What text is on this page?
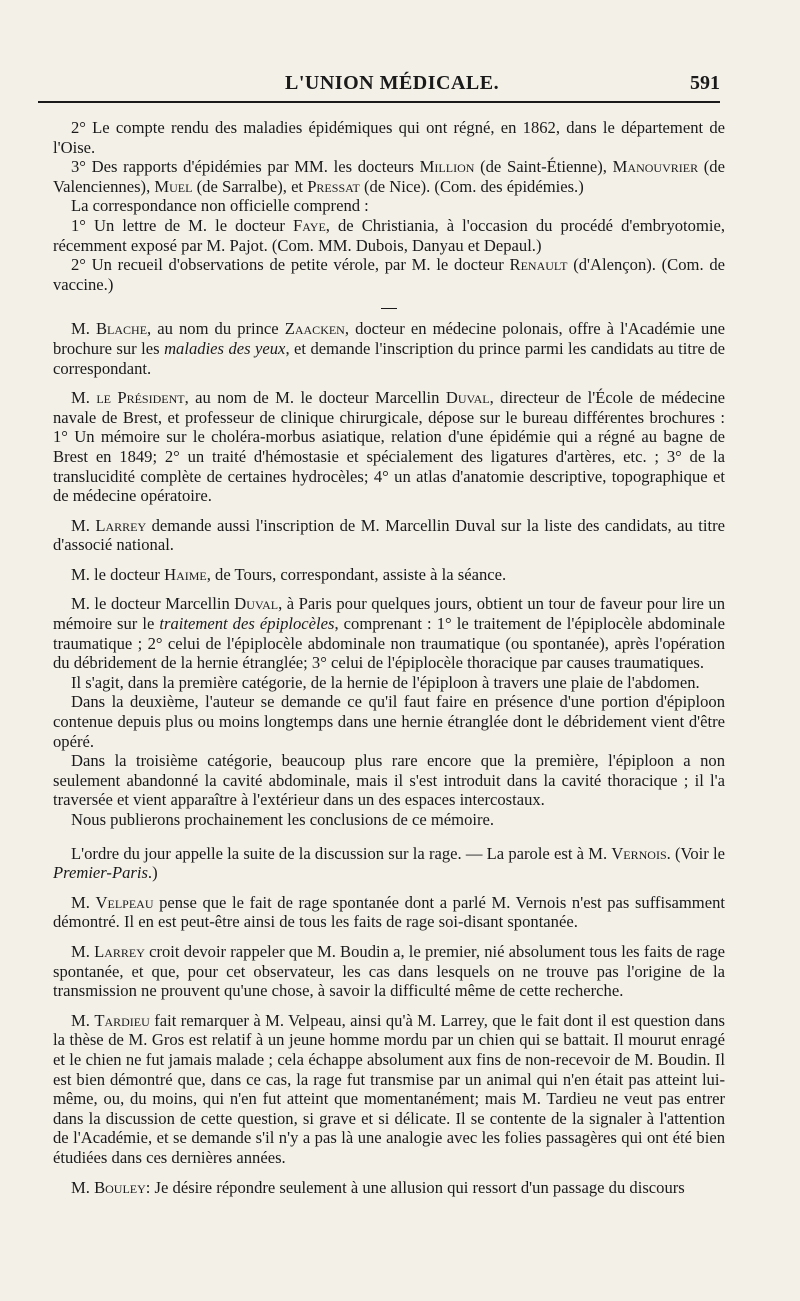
L'UNION MÉDICALE.	591

2° Le compte rendu des maladies épidémiques qui ont régné, en 1862, dans le département de l'Oise.

3° Des rapports d'épidémies par MM. les docteurs Million (de Saint-Étienne), Manouvrier (de Valenciennes), Muel (de Sarralbe), et Pressat (de Nice). (Com. des épidémies.)

La correspondance non officielle comprend :

1° Un lettre de M. le docteur Faye, de Christiania, à l'occasion du procédé d'embryotomie, récemment exposé par M. Pajot. (Com. MM. Dubois, Danyau et Depaul.)

2° Un recueil d'observations de petite vérole, par M. le docteur Renault (d'Alençon). (Com. de vaccine.)

M. Blache, au nom du prince Zaacken, docteur en médecine polonais, offre à l'Académie une brochure sur les maladies des yeux, et demande l'inscription du prince parmi les candidats au titre de correspondant.

M. le Président, au nom de M. le docteur Marcellin Duval, directeur de l'École de médecine navale de Brest, et professeur de clinique chirurgicale, dépose sur le bureau différentes brochures : 1° Un mémoire sur le choléra-morbus asiatique, relation d'une épidémie qui a régné au bagne de Brest en 1849; 2° un traité d'hémostasie et spécialement des ligatures d'artères, etc. ; 3° de la translucidité complète de certaines hydrocèles; 4° un atlas d'anatomie descriptive, topographique et de médecine opératoire.

M. Larrey demande aussi l'inscription de M. Marcellin Duval sur la liste des candidats, au titre d'associé national.

M. le docteur Haime, de Tours, correspondant, assiste à la séance.

M. le docteur Marcellin Duval, à Paris pour quelques jours, obtient un tour de faveur pour lire un mémoire sur le traitement des épiplocèles, comprenant : 1° le traitement de l'épiplocèle abdominale traumatique ; 2° celui de l'épiplocèle abdominale non traumatique (ou spontanée), après l'opération du débridement de la hernie étranglée; 3° celui de l'épiplocèle thoracique par causes traumatiques.

Il s'agit, dans la première catégorie, de la hernie de l'épiploon à travers une plaie de l'abdomen.

Dans la deuxième, l'auteur se demande ce qu'il faut faire en présence d'une portion d'épiploon contenue depuis plus ou moins longtemps dans une hernie étranglée dont le débridement vient d'être opéré.

Dans la troisième catégorie, beaucoup plus rare encore que la première, l'épiploon a non seulement abandonné la cavité abdominale, mais il s'est introduit dans la cavité thoracique ; il l'a traversée et vient apparaître à l'extérieur dans un des espaces intercostaux.

Nous publierons prochainement les conclusions de ce mémoire.

L'ordre du jour appelle la suite de la discussion sur la rage. — La parole est à M. Vernois. (Voir le Premier-Paris.)

M. Velpeau pense que le fait de rage spontanée dont a parlé M. Vernois n'est pas suffisamment démontré. Il en est peut-être ainsi de tous les faits de rage soi-disant spontanée.

M. Larrey croit devoir rappeler que M. Boudin a, le premier, nié absolument tous les faits de rage spontanée, et que, pour cet observateur, les cas dans lesquels on ne trouve pas l'origine de la transmission ne prouvent qu'une chose, à savoir la difficulté même de cette recherche.

M. Tardieu fait remarquer à M. Velpeau, ainsi qu'à M. Larrey, que le fait dont il est question dans la thèse de M. Gros est relatif à un jeune homme mordu par un chien qui se battait. Il mourut enragé et le chien ne fut jamais malade ; cela échappe absolument aux fins de non-recevoir de M. Boudin. Il est bien démontré que, dans ce cas, la rage fut transmise par un animal qui n'en était pas atteint lui-même, ou, du moins, qui n'en fut atteint que momentanément; mais M. Tardieu ne veut pas entrer dans la discussion de cette question, si grave et si délicate. Il se contente de la signaler à l'attention de l'Académie, et se demande s'il n'y a pas là une analogie avec les folies passagères qui ont été bien étudiées dans ces dernières années.

M. Bouley: Je désire répondre seulement à une allusion qui ressort d'un passage du discours
